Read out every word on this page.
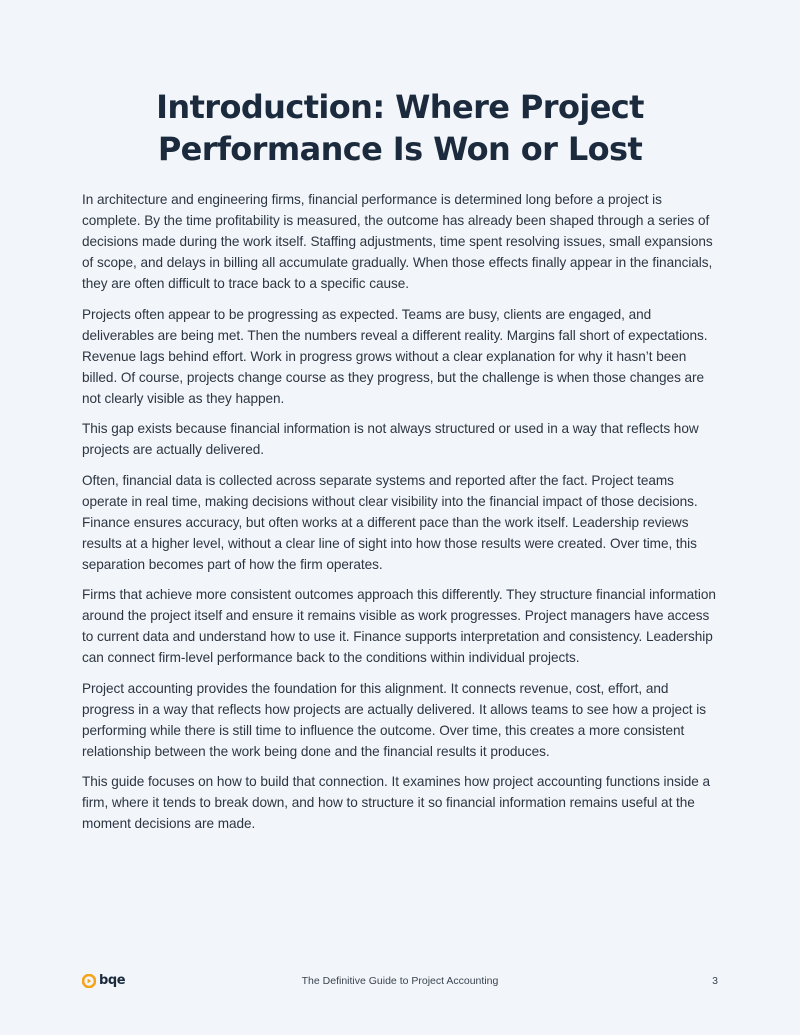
Introduction: Where Project
Performance Is Won or Lost

In architecture and engineering firms, financial performance is determined long before a project is complete. By the time profitability is measured, the outcome has already been shaped through a series of decisions made during the work itself. Staffing adjustments, time spent resolving issues, small expansions of scope, and delays in billing all accumulate gradually. When those effects finally appear in the financials, they are often difficult to trace back to a specific cause.

Projects often appear to be progressing as expected. Teams are busy, clients are engaged, and deliverables are being met. Then the numbers reveal a different reality. Margins fall short of expectations. Revenue lags behind effort. Work in progress grows without a clear explanation for why it hasn’t been billed. Of course, projects change course as they progress, but the challenge is when those changes are not clearly visible as they happen.

This gap exists because financial information is not always structured or used in a way that reflects how projects are actually delivered.

Often, financial data is collected across separate systems and reported after the fact. Project teams operate in real time, making decisions without clear visibility into the financial impact of those decisions. Finance ensures accuracy, but often works at a different pace than the work itself. Leadership reviews results at a higher level, without a clear line of sight into how those results were created. Over time, this separation becomes part of how the firm operates.

Firms that achieve more consistent outcomes approach this differently. They structure financial information around the project itself and ensure it remains visible as work progresses. Project managers have access to current data and understand how to use it. Finance supports interpretation and consistency. Leadership can connect firm-level performance back to the conditions within individual projects.

Project accounting provides the foundation for this alignment. It connects revenue, cost, effort, and progress in a way that reflects how projects are actually delivered. It allows teams to see how a project is performing while there is still time to influence the outcome. Over time, this creates a more consistent relationship between the work being done and the financial results it produces.

This guide focuses on how to build that connection. It examines how project accounting functions inside a firm, where it tends to break down, and how to structure it so financial information remains useful at the moment decisions are made.

bqe	The Definitive Guide to Project Accounting	3
